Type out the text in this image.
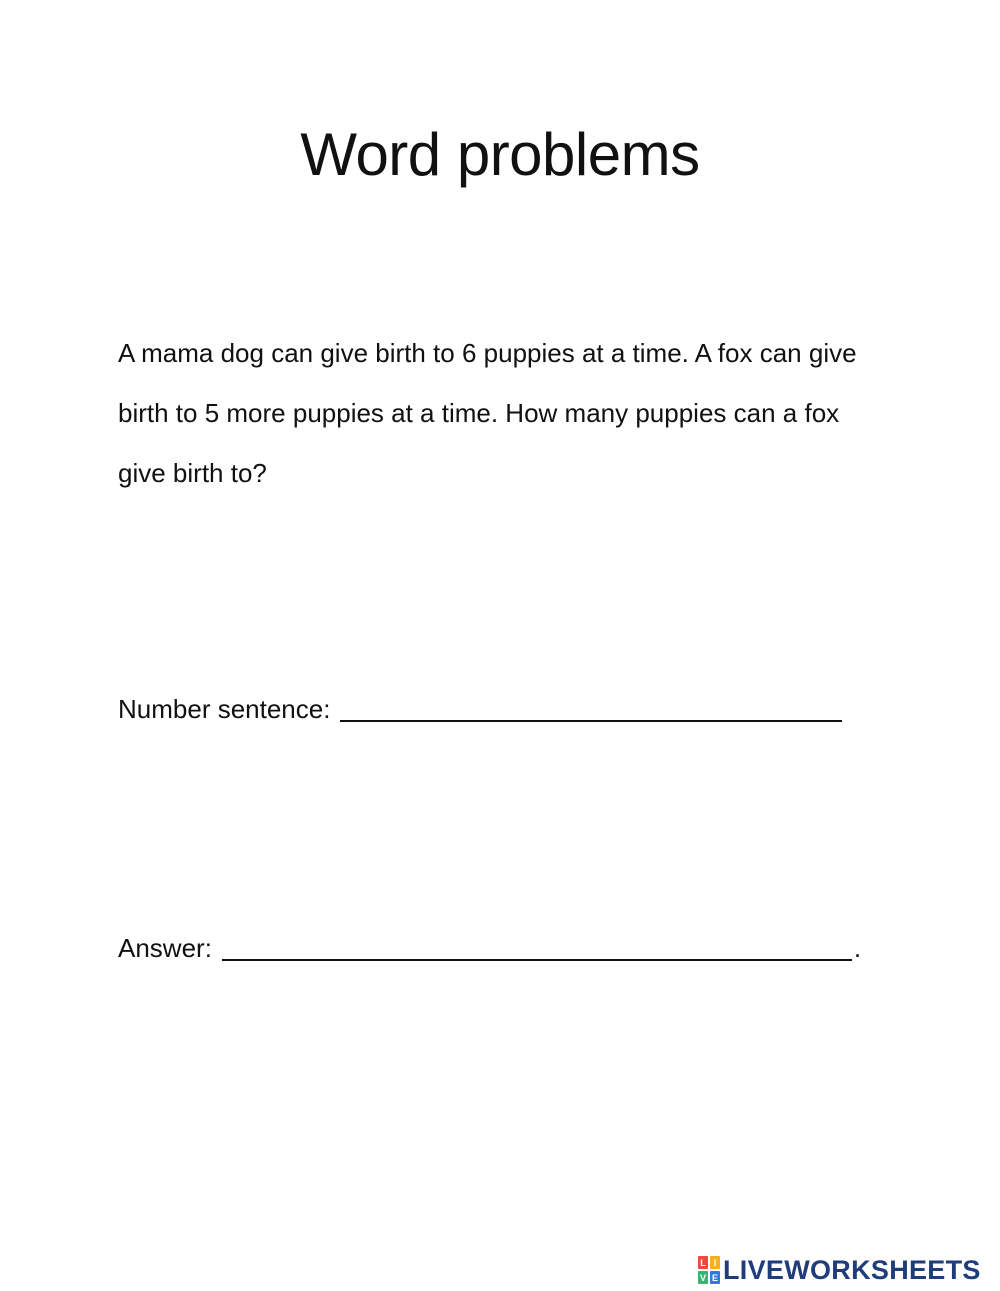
Word problems

A mama dog can give birth to 6 puppies at a time. A fox can give birth to 5 more puppies at a time. How many puppies can a fox give birth to?

Number sentence:
Answer:	.
L I
V E LIVEWORKSHEETS
